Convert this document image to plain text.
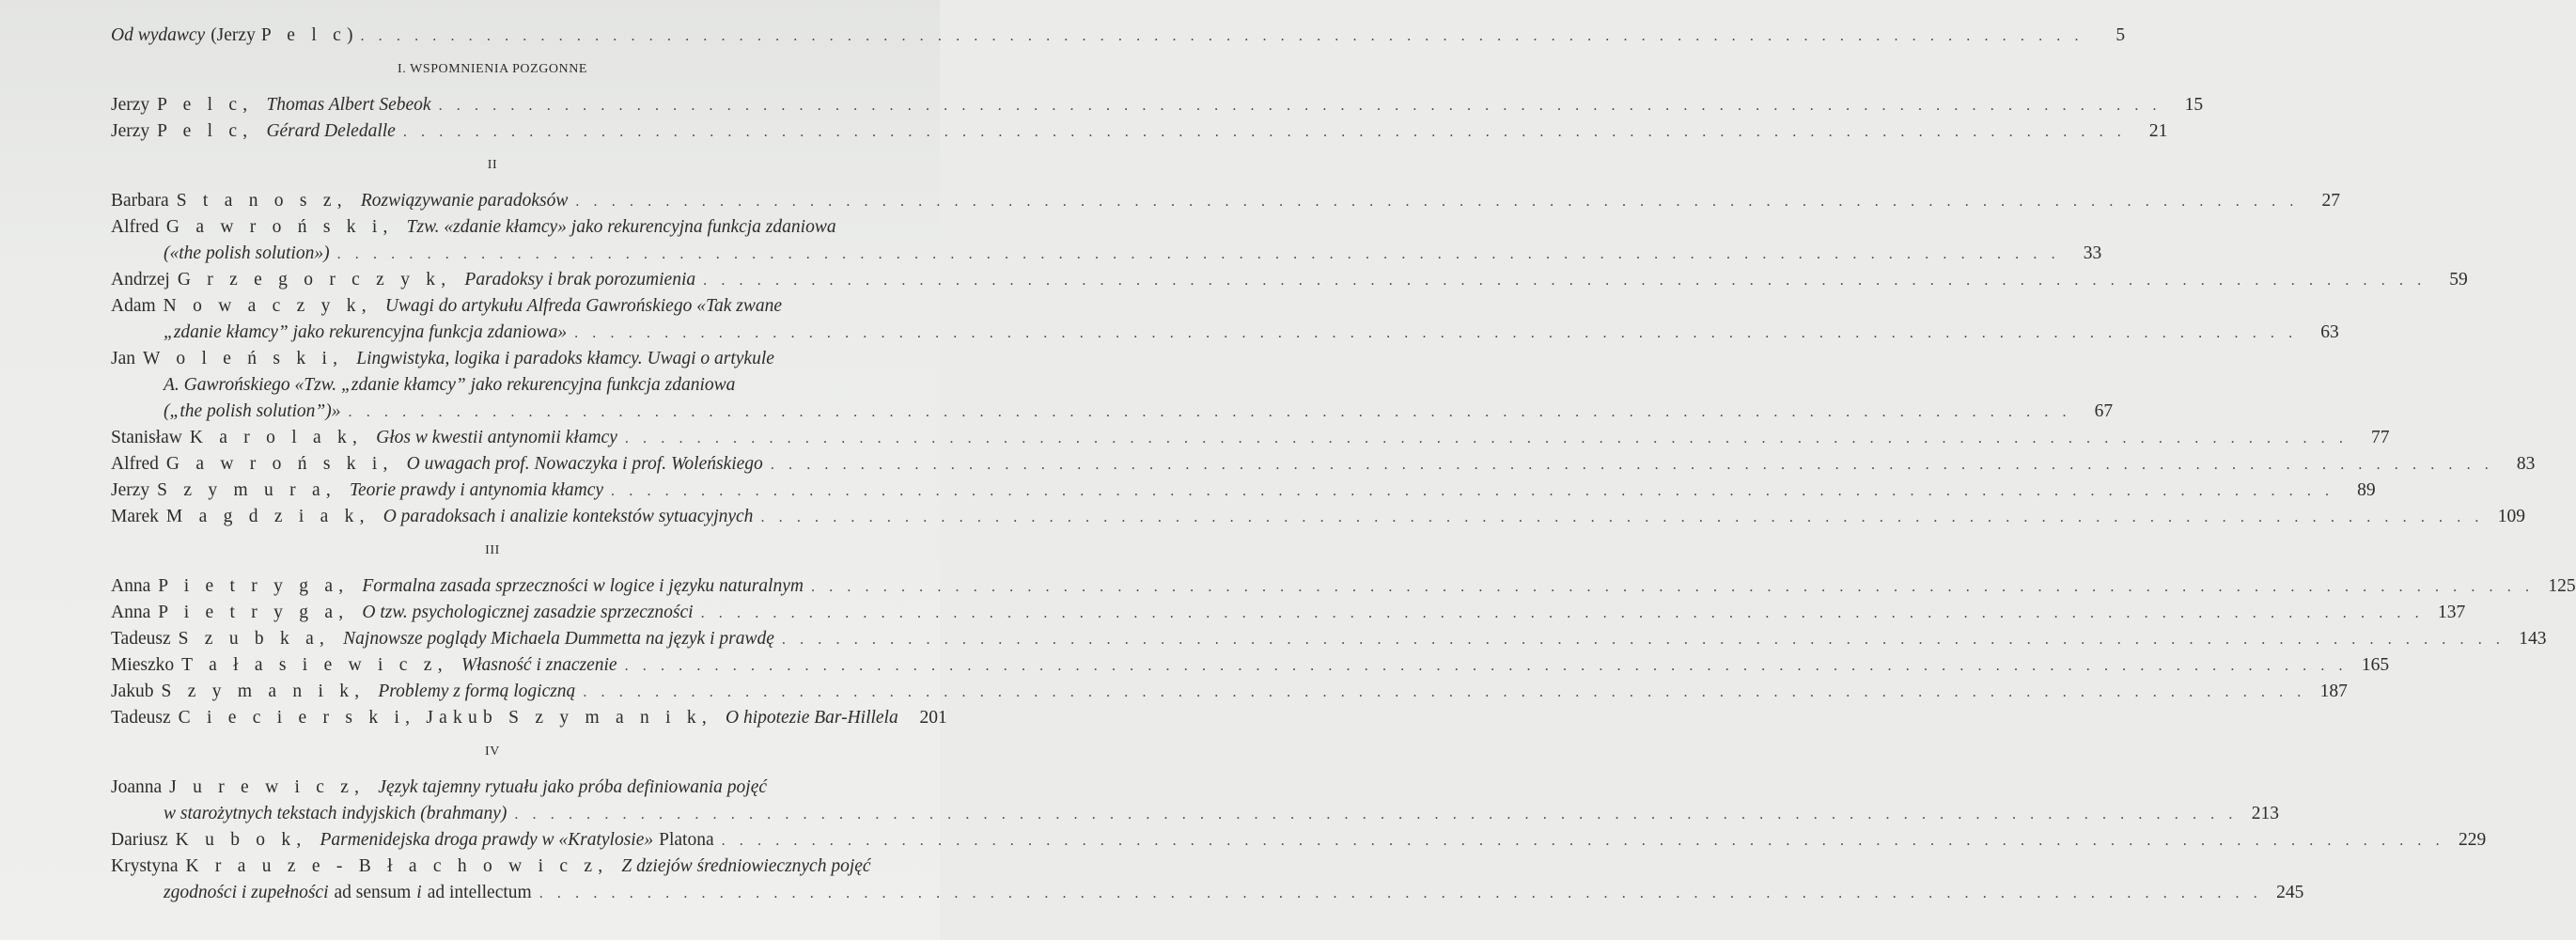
Od wydawcy (Jerzy P e l c ) . . .	5
I. WSPOMNIENIA POZGONNE
Jerzy P e l c, Thomas Albert Sebeok . . .	15
Jerzy P e l c, Gérard Deledalle . . .	21
II
Barbara S t a n o s z, Rozwiązywanie paradoksów . . .	27
Alfred G a w r o ń s k i, Tzw. «zdanie kłamcy» jako rekurencyjna funkcja zdaniowa
(«the polish solution») . . .	33
Andrzej G r z e g o r c z y k, Paradoksy i brak porozumienia . . .	59
Adam N o w a c z y k, Uwagi do artykułu Alfreda Gawrońskiego «Tak zwane
„zdanie kłamcy” jako rekurencyjna funkcja zdaniowa» . . .	63
Jan W o l e ń s k i, Lingwistyka, logika i paradoks kłamcy. Uwagi o artykule
A. Gawrońskiego «Tzw. „zdanie kłamcy” jako rekurencyjna funkcja zdaniowa
(„the polish solution”)» . . .	67
Stanisław K a r o l a k, Głos w kwestii antynomii kłamcy . . .	77
Alfred G a w r o ń s k i, O uwagach prof. Nowaczyka i prof. Woleńskiego . . .	83
Jerzy S z y m u r a, Teorie prawdy i antynomia kłamcy . . .	89
Marek M a g d z i a k, O paradoksach i analizie kontekstów sytuacyjnych . . .	109
III
Anna P i e t r y g a, Formalna zasada sprzeczności w logice i języku naturalnym . . .	125
Anna P i e t r y g a, O tzw. psychologicznej zasadzie sprzeczności . . .	137
Tadeusz S z u b k a, Najnowsze poglądy Michaela Dummetta na język i prawdę . . .	143
Mieszko T a ł a s i e w i c z, Własność i znaczenie . . .	165
Jakub S z y m a n i k, Problemy z formą logiczną . . .	187
Tadeusz C i e c i e r s k i, Jakub S z y m a n i k, O hipotezie Bar-Hillela	201
IV
Joanna J u r e w i c z, Język tajemny rytuału jako próba definiowania pojęć
w starożytnych tekstach indyjskich (brahmany) . . .	213
Dariusz K u b o k, Parmenidejska droga prawdy w «Kratylosie» Platona . . .	229
Krystyna K r a u z e - B ł a c h o w i c z, Z dziejów średniowiecznych pojęć
zgodności i zupełności ad sensum i ad intellectum . . .	245
